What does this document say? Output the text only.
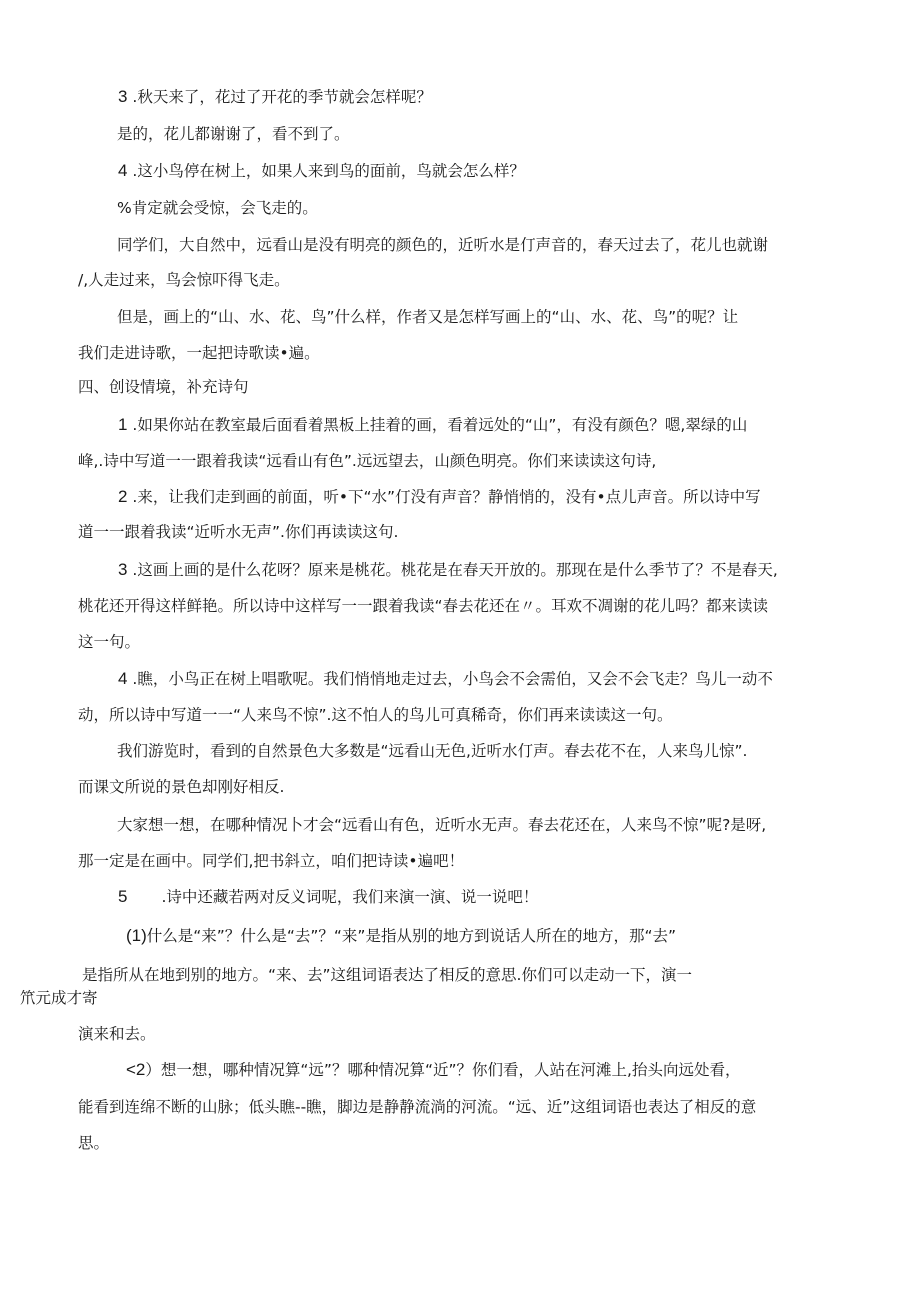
3 .秋天来了，花过了开花的季节就会怎样呢？
是的，花儿都谢谢了，看不到了。
4 .这小鸟停在树上，如果人来到鸟的面前，鸟就会怎么样？
%肯定就会受惊，会飞走的。
同学们，大自然中，远看山是没有明亮的颜色的，近听水是仃声音的，春天过去了，花儿也就谢
/,人走过来，鸟会惊吓得飞走。
但是，画上的“山、水、花、鸟”什么样，作者又是怎样写画上的“山、水、花、鸟”的呢？让
我们走进诗歌，一起把诗歌读•遍。
四、创设情境，补充诗句
1 .如果你站在教室最后面看着黑板上挂着的画，看着远处的“山”，有没有颜色？嗯,翠绿的山
峰,.诗中写道一一跟着我读“远看山有色”.远远望去，山颜色明亮。你们来读读这句诗,
2 .来，让我们走到画的前面，听•下“水”仃没有声音？静悄悄的，没有•点儿声音。所以诗中写
道一一跟着我读“近听水无声”.你们再读读这句.
3 .这画上画的是什么花呀？原来是桃花。桃花是在春天开放的。那现在是什么季节了？不是春天,
桃花还开得这样鲜艳。所以诗中这样写一一跟着我读“春去花还在〃。耳欢不凋谢的花儿吗？都来读读
这一句。
4 .瞧，小鸟正在树上唱歌呢。我们悄悄地走过去，小鸟会不会需伯，又会不会飞走？鸟儿一动不
动，所以诗中写道一一“人来鸟不惊”.这不怕人的鸟儿可真稀奇，你们再来读读这一句。
我们游览时，看到的自然景色大多数是“远看山无色,近听水仃声。春去花不在，人来鸟儿惊”.
而课文所说的景色却刚好相反.
大家想一想，在哪种情况卜才会“远看山有色，近听水无声。春去花还在，人来鸟不惊”呢?是呀,
那一定是在画中。同学们,把书斜立，咱们把诗读•遍吧！
5 .诗中还藏若两对反义词呢，我们来演一演、说一说吧！
(1)什么是“来”？什么是“去”？“来”是指从别的地方到说话人所在的地方，那“去”
是指所从在地到别的地方。“来、去”这组词语表达了相反的意思.你们可以走动一下，演一
笊元成才寄
演来和去。
<2）想一想，哪种情况算“远”？哪种情况算“近”？你们看，人站在河滩上,抬头向远处看，
能看到连绵不断的山脉；低头瞧--瞧，脚边是静静流淌的河流。“远、近”这组词语也表达了相反的意
思。
